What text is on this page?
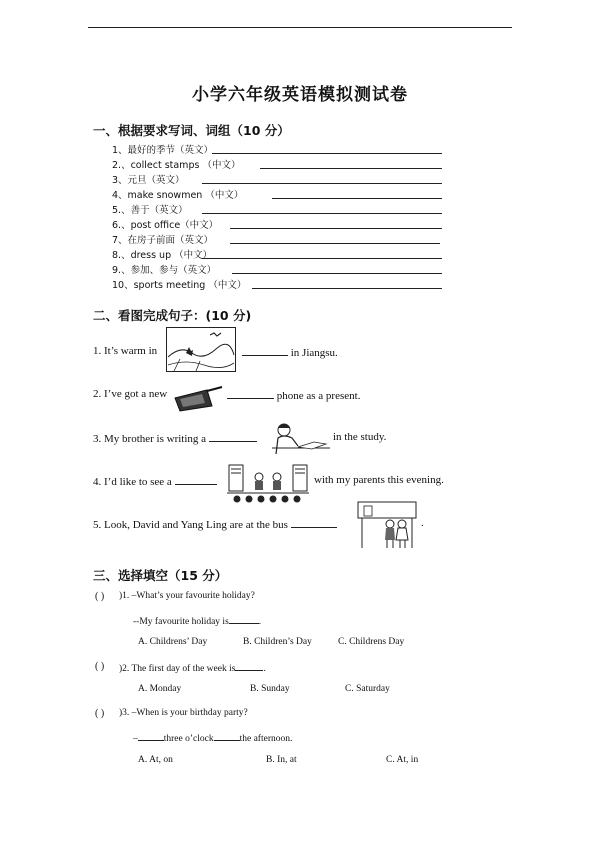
小学六年级英语模拟测试卷
一、根据要求写词、词组（10 分）
1、最好的季节（英文）
2.、collect stamps （中文）
3、元旦（英文）
4、make snowmen （中文）
5.、善于（英文）
6.、post office（中文）
7、在房子前面（英文）
8.、dress up （中文）
9.、参加、参与（英文）
10、sports meeting （中文）
二、看图完成句子：(10 分)
1. It’s warm in	in Jiangsu.
2. I’ve got a new	phone as a present.
3. My brother is writing a	in the study.
4. I’d like to see a	with my parents this evening.
5. Look, David and Yang Ling are at the bus	.
三、选择填空（15 分）
( ) )1. –What’s your favourite holiday?
--My favourite holiday is	.
A. Childrens’ Day	B. Children’s Day	C. Childrens Day
( ) )2. The first day of the week is	.
A. Monday	B. Sunday	C. Saturday
( ) )3. –When is your birthday party?
–	three o’clock	the afternoon.
A. At, on	B. In, at	C. At, in
